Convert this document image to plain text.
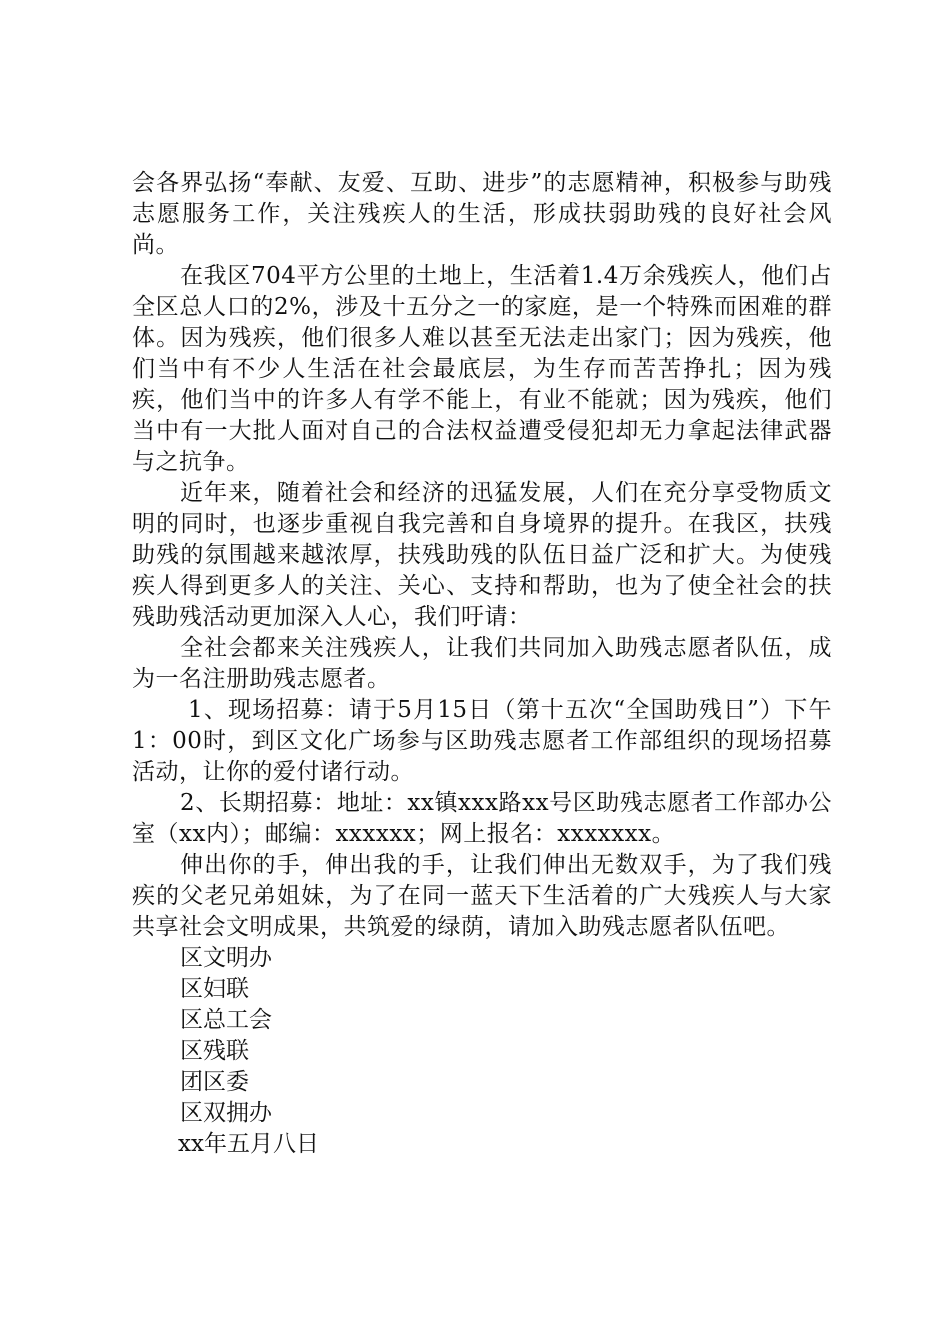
会各界弘扬“奉献、友爱、互助、进步”的志愿精神，积极参与助残志愿服务工作，关注残疾人的生活，形成扶弱助残的良好社会风尚。

在我区704平方公里的土地上，生活着1.4万余残疾人，他们占全区总人口的2%，涉及十五分之一的家庭，是一个特殊而困难的群体。因为残疾，他们很多人难以甚至无法走出家门；因为残疾，他们当中有不少人生活在社会最底层，为生存而苦苦挣扎；因为残疾，他们当中的许多人有学不能上，有业不能就；因为残疾，他们当中有一大批人面对自己的合法权益遭受侵犯却无力拿起法律武器与之抗争。

近年来，随着社会和经济的迅猛发展，人们在充分享受物质文明的同时，也逐步重视自我完善和自身境界的提升。在我区，扶残助残的氛围越来越浓厚，扶残助残的队伍日益广泛和扩大。为使残疾人得到更多人的关注、关心、支持和帮助，也为了使全社会的扶残助残活动更加深入人心，我们吁请：

全社会都来关注残疾人，让我们共同加入助残志愿者队伍，成为一名注册助残志愿者。

1、现场招募：请于5月15日（第十五次“全国助残日”）下午1：00时，到区文化广场参与区助残志愿者工作部组织的现场招募活动，让你的爱付诸行动。

2、长期招募：地址：xx镇xxx路xx号区助残志愿者工作部办公室（xx内）；邮编：xxxxxx；网上报名：xxxxxxx。

伸出你的手，伸出我的手，让我们伸出无数双手，为了我们残疾的父老兄弟姐妹，为了在同一蓝天下生活着的广大残疾人与大家共享社会文明成果，共筑爱的绿荫，请加入助残志愿者队伍吧。

区文明办

区妇联

区总工会

区残联

团区委

区双拥办

xx年五月八日
